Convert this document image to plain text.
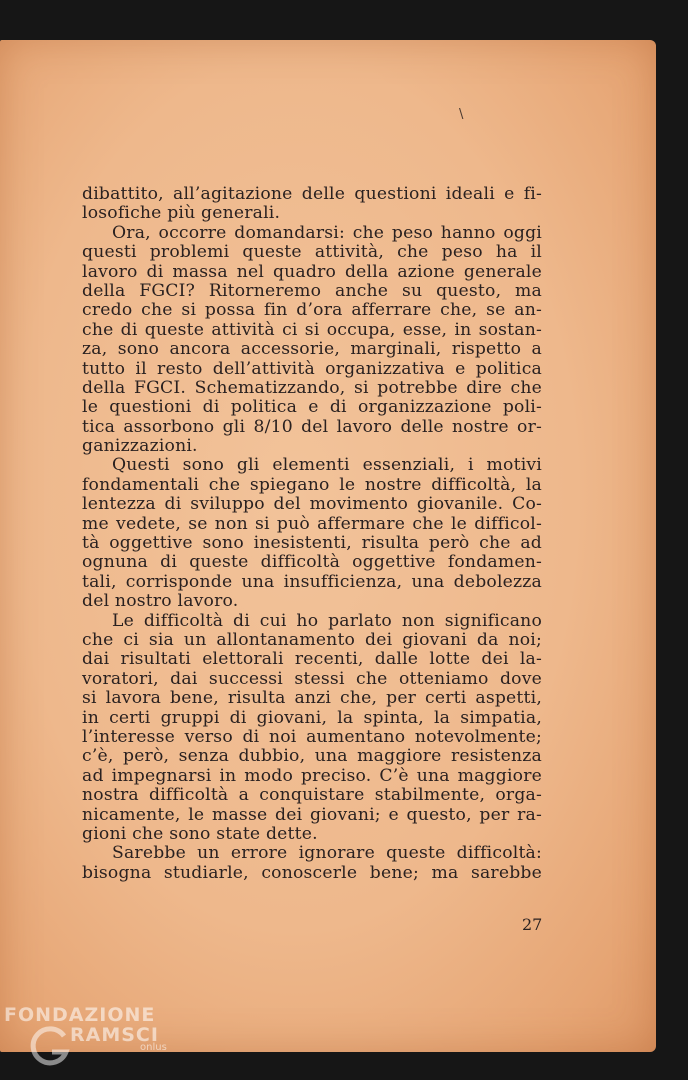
\
dibattito, all’agitazione delle questioni ideali e fi-
losofiche più generali.
Ora, occorre domandarsi: che peso hanno oggi
questi problemi queste attività, che peso ha il
lavoro di massa nel quadro della azione generale
della FGCI? Ritorneremo anche su questo, ma
credo che si possa fin d’ora afferrare che, se an-
che di queste attività ci si occupa, esse, in sostan-
za, sono ancora accessorie, marginali, rispetto a
tutto il resto dell’attività organizzativa e politica
della FGCI. Schematizzando, si potrebbe dire che
le questioni di politica e di organizzazione poli-
tica assorbono gli 8/10 del lavoro delle nostre or-
ganizzazioni.
Questi sono gli elementi essenziali, i motivi
fondamentali che spiegano le nostre difficoltà, la
lentezza di sviluppo del movimento giovanile. Co-
me vedete, se non si può affermare che le difficol-
tà oggettive sono inesistenti, risulta però che ad
ognuna di queste difficoltà oggettive fondamen-
tali, corrisponde una insufficienza, una debolezza
del nostro lavoro.
Le difficoltà di cui ho parlato non significano
che ci sia un allontanamento dei giovani da noi;
dai risultati elettorali recenti, dalle lotte dei la-
voratori, dai successi stessi che otteniamo dove
si lavora bene, risulta anzi che, per certi aspetti,
in certi gruppi di giovani, la spinta, la simpatia,
l’interesse verso di noi aumentano notevolmente;
c’è, però, senza dubbio, una maggiore resistenza
ad impegnarsi in modo preciso. C’è una maggiore
nostra difficoltà a conquistare stabilmente, orga-
nicamente, le masse dei giovani; e questo, per ra-
gioni che sono state dette.
Sarebbe un errore ignorare queste difficoltà:
bisogna studiarle, conoscerle bene; ma sarebbe
27
FONDAZIONE
RAMSCI
onlus
